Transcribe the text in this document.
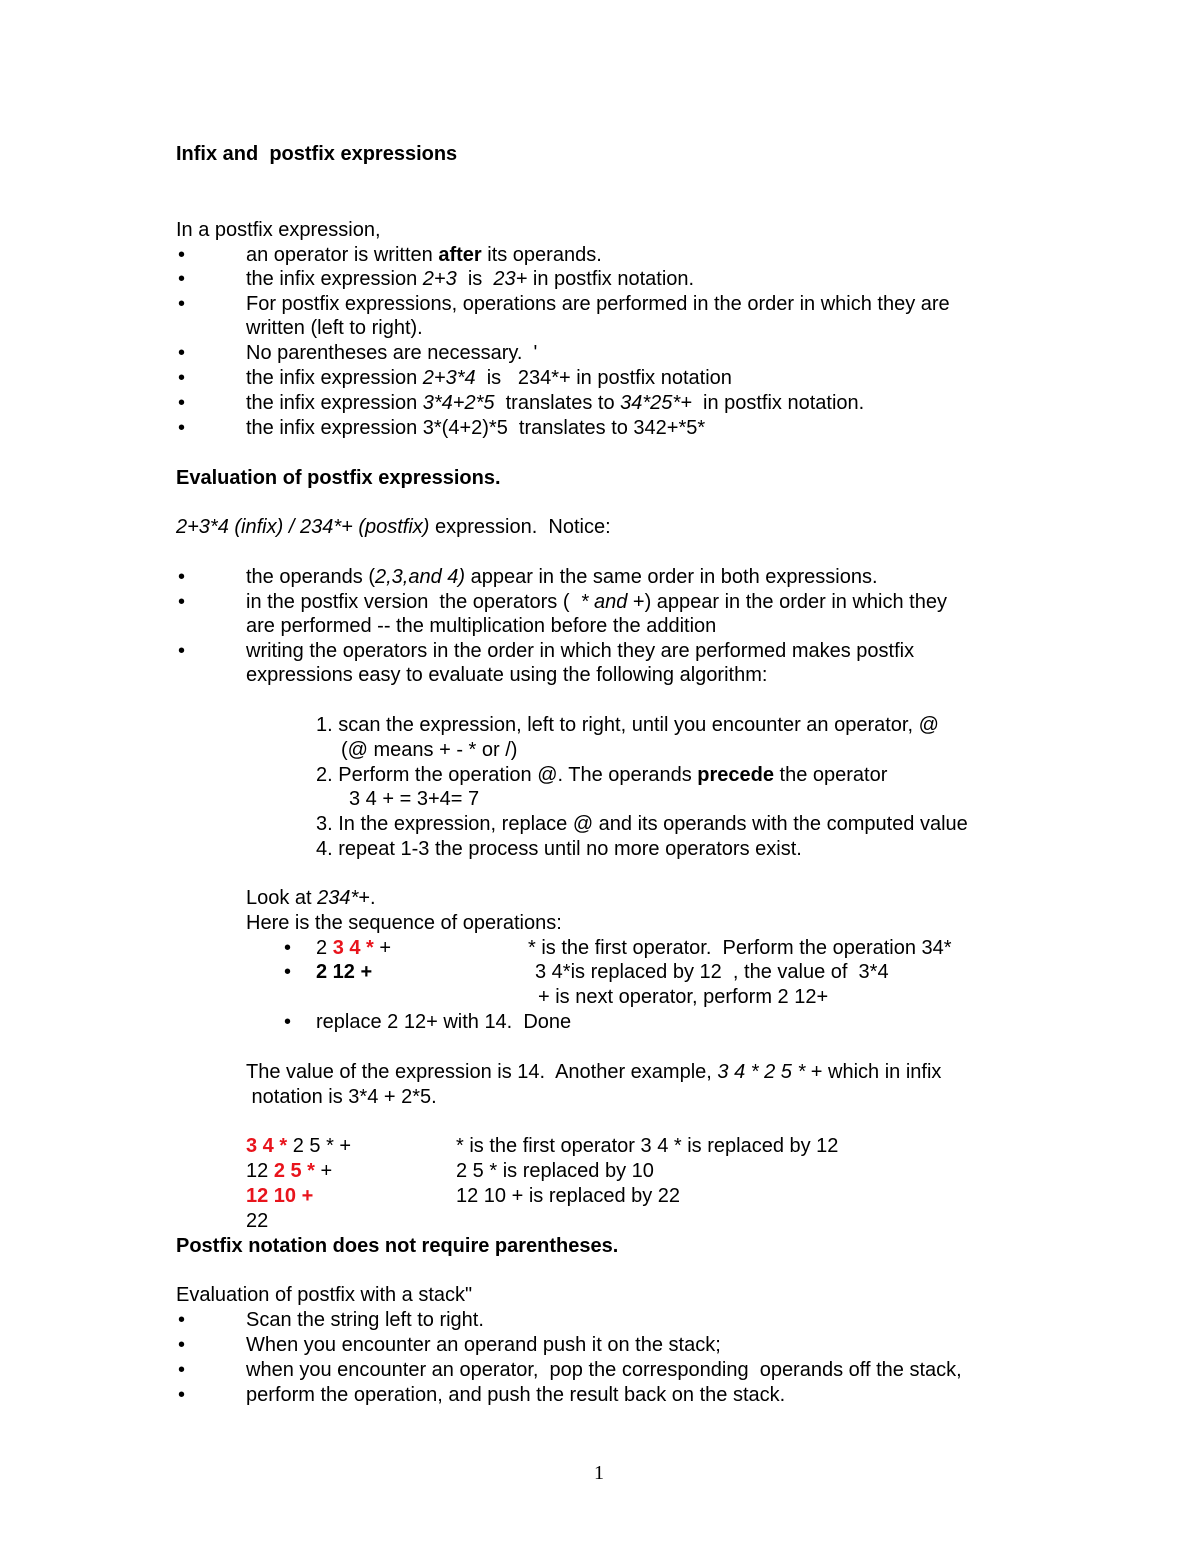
Infix and  postfix expressions
In a postfix expression,
•	an operator is written after its operands.
•	the infix expression 2+3  is  23+ in postfix notation.
•	For postfix expressions, operations are performed in the order in which they are
written (left to right).
•	No parentheses are necessary.  '
•	the infix expression 2+3*4  is   234*+ in postfix notation
•	the infix expression 3*4+2*5  translates to 34*25*+  in postfix notation.
•	the infix expression 3*(4+2)*5  translates to 342+*5*
Evaluation of postfix expressions.
2+3*4 (infix) / 234*+ (postfix) expression.  Notice:
•	the operands (2,3,and 4) appear in the same order in both expressions.
•	in the postfix version  the operators (  * and +) appear in the order in which they
are performed -- the multiplication before the addition
•	writing the operators in the order in which they are performed makes postfix
expressions easy to evaluate using the following algorithm:
1. scan the expression, left to right, until you encounter an operator, @
(@ means + - * or /)
2. Perform the operation @. The operands precede the operator
3 4 + = 3+4= 7
3. In the expression, replace @ and its operands with the computed value
4. repeat 1-3 the process until no more operators exist.
Look at 234*+.
Here is the sequence of operations:
• 2 3 4 * +	* is the first operator.  Perform the operation 34*
• 2 12 +	3 4*is replaced by 12  , the value of  3*4
+ is next operator, perform 2 12+
• replace 2 12+ with 14.  Done
The value of the expression is 14.  Another example, 3 4 * 2 5 * + which in infix
notation is 3*4 + 2*5.
3 4 * 2 5 * +	* is the first operator 3 4 * is replaced by 12
12 2 5 * +	2 5 * is replaced by 10
12 10 +	12 10 + is replaced by 22
22
Postfix notation does not require parentheses.
Evaluation of postfix with a stack"
•	Scan the string left to right.
•	When you encounter an operand push it on the stack;
•	when you encounter an operator,  pop the corresponding  operands off the stack,
•	perform the operation, and push the result back on the stack.
1
